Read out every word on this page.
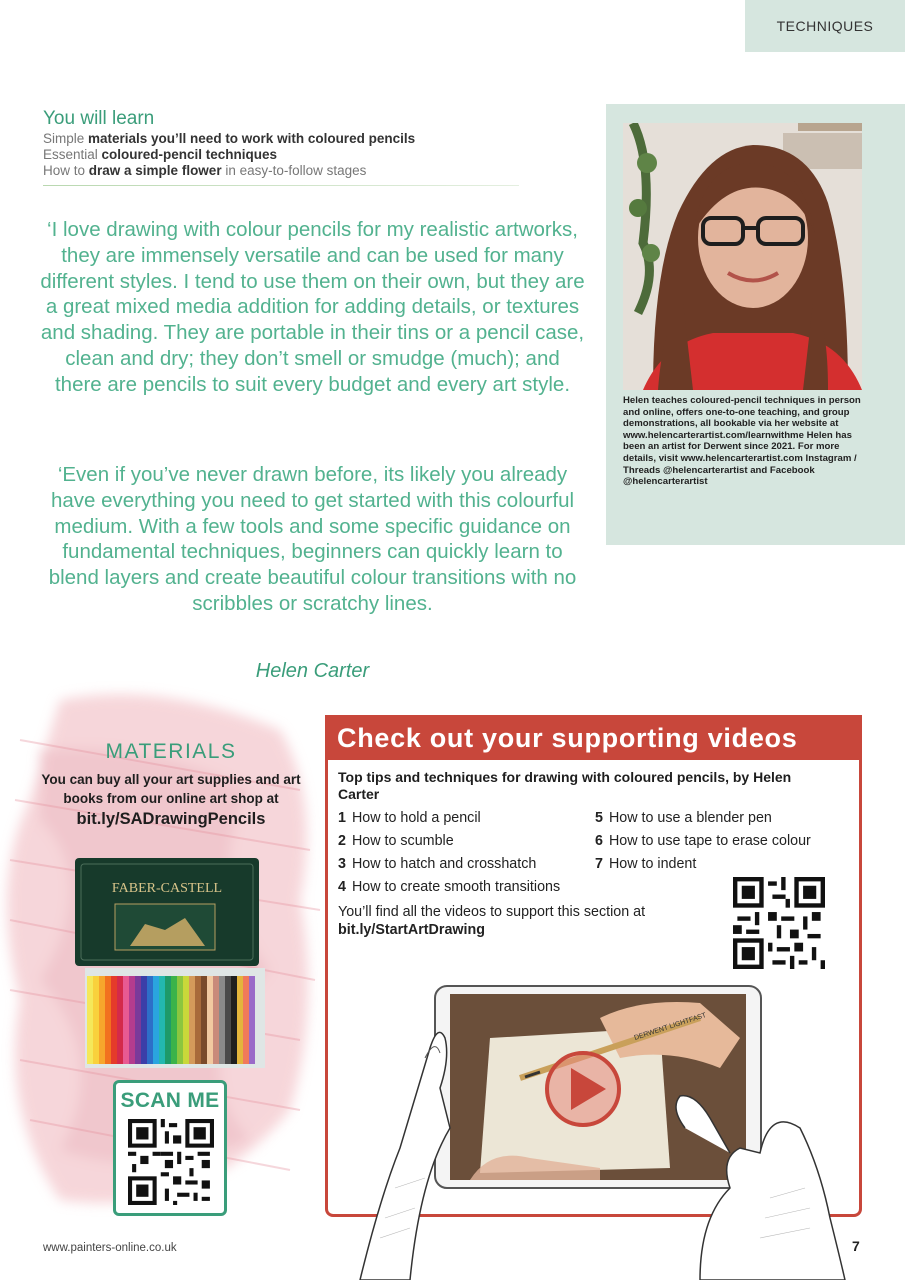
TECHNIQUES
You will learn

Simple materials you’ll need to work with coloured pencils

Essential coloured-pencil techniques

How to draw a simple flower in easy-to-follow stages

‘I love drawing with colour pencils for my realistic artworks, they are immensely versatile and can be used for many different styles. I tend to use them on their own, but they are a great mixed media addition for adding details, or textures and shading. They are portable in their tins or a pencil case, clean and dry; they don’t smell or smudge (much); and there are pencils to suit every budget and every art style.

‘Even if you’ve never drawn before, its likely you already have everything you need to get started with this colourful medium. With a few tools and some specific guidance on fundamental techniques, beginners can quickly learn to blend layers and create beautiful colour transitions with no scribbles or scratchy lines.

Helen Carter
Helen teaches coloured-pencil techniques in person and online, offers one-to-one teaching, and group demonstrations, all bookable via her website at www.helencarterartist.com/learnwithme Helen has been an artist for Derwent since 2021. For more details, visit www.helencarterartist.com Instagram / Threads @helencarterartist and Facebook @helencarterartist
MATERIALS

You can buy all your art supplies and art books from our online art shop at

bit.ly/SADrawingPencils
FABER-CASTELL
SCAN ME
Check out your supporting videos
Top tips and techniques for drawing with coloured pencils, by Helen Carter
1 How to hold a pencil
2 How to scumble
3 How to hatch and crosshatch
4 How to create smooth transitions
5 How to use a blender pen
6 How to use tape to erase colour
7 How to indent
You’ll find all the videos to support this section at
bit.ly/StartArtDrawing
DERWENT LIGHTFAST
www.painters-online.co.uk	7
